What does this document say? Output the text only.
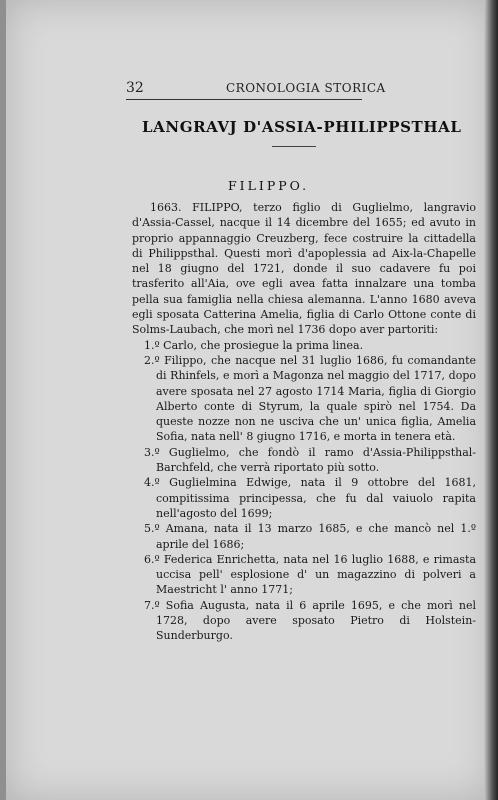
32	CRONOLOGIA STORICA
LANGRAVJ D'ASSIA-PHILIPPSTHAL
FILIPPO.

1663. FILIPPO, terzo figlio di Guglielmo, langravio d'Assia-Cassel, nacque il 14 dicembre del 1655; ed avuto in proprio appannaggio Creuzberg, fece costruire la cittadella di Philippsthal. Questi morì d'apoplessia ad Aix-la-Chapelle nel 18 giugno del 1721, donde il suo cadavere fu poi trasferito all'Aia, ove egli avea fatta innalzare una tomba pella sua famiglia nella chiesa alemanna. L'anno 1680 aveva egli sposata Catterina Amelia, figlia di Carlo Ottone conte di Solms-Laubach, che morì nel 1736 dopo aver partoriti:

1.º Carlo, che prosiegue la prima linea.
2.º Filippo, che nacque nel 31 luglio 1686, fu comandante di Rhinfels, e morì a Magonza nel maggio del 1717, dopo avere sposata nel 27 agosto 1714 Maria, figlia di Giorgio Alberto conte di Styrum, la quale spirò nel 1754. Da queste nozze non ne usciva che un' unica figlia, Amelia Sofia, nata nell' 8 giugno 1716, e morta in tenera età.
3.º Guglielmo, che fondò il ramo d'Assia-Philippsthal-Barchfeld, che verrà riportato più sotto.
4.º Guglielmina Edwige, nata il 9 ottobre del 1681, compitissima principessa, che fu dal vaiuolo rapita nell'agosto del 1699;
5.º Amana, nata il 13 marzo 1685, e che mancò nel 1.º aprile del 1686;
6.º Federica Enrichetta, nata nel 16 luglio 1688, e rimasta uccisa pell' esplosione d' un magazzino di polveri a Maestricht l' anno 1771;
7.º Sofia Augusta, nata il 6 aprile 1695, e che morì nel 1728, dopo avere sposato Pietro di Holstein-Sunderburgo.
